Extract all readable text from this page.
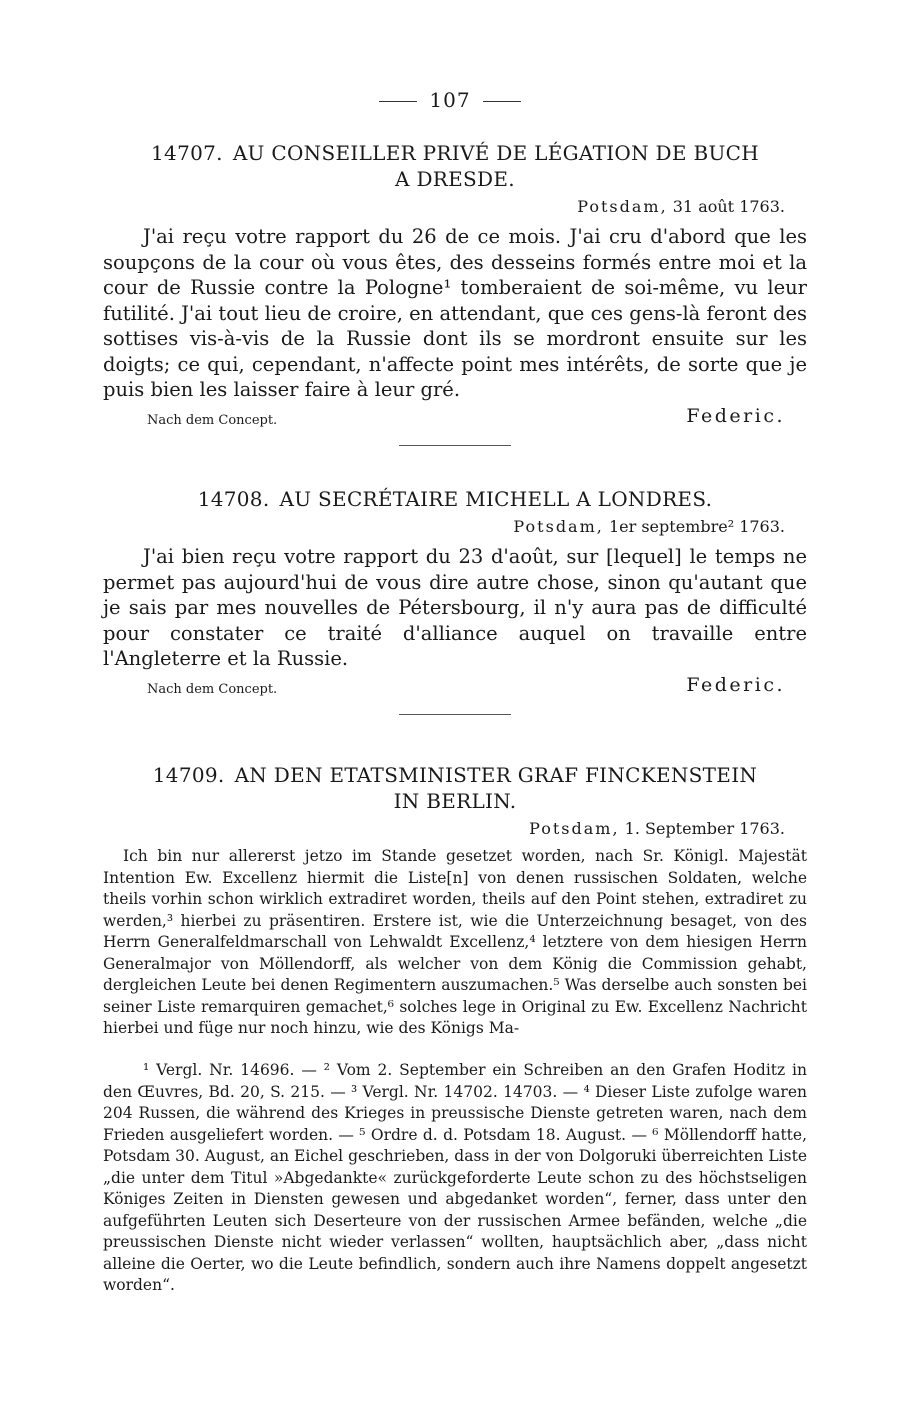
107

14707. AU CONSEILLER PRIVÉ DE LÉGATION DE BUCH
A DRESDE.

Potsdam, 31 août 1763.

J'ai reçu votre rapport du 26 de ce mois. J'ai cru d'abord que les soupçons de la cour où vous êtes, des desseins formés entre moi et la cour de Russie contre la Pologne¹ tomberaient de soi-même, vu leur futilité. J'ai tout lieu de croire, en attendant, que ces gens-là feront des sottises vis-à-vis de la Russie dont ils se mordront ensuite sur les doigts; ce qui, cependant, n'affecte point mes intérêts, de sorte que je puis bien les laisser faire à leur gré.

Nach dem Concept.	Federic.

14708. AU SECRÉTAIRE MICHELL A LONDRES.

Potsdam, 1er septembre² 1763.

J'ai bien reçu votre rapport du 23 d'août, sur [lequel] le temps ne permet pas aujourd'hui de vous dire autre chose, sinon qu'autant que je sais par mes nouvelles de Pétersbourg, il n'y aura pas de difficulté pour constater ce traité d'alliance auquel on travaille entre l'Angleterre et la Russie.

Nach dem Concept.	Federic.

14709. AN DEN ETATSMINISTER GRAF FINCKENSTEIN
IN BERLIN.

Potsdam, 1. September 1763.

Ich bin nur allererst jetzo im Stande gesetzet worden, nach Sr. Königl. Majestät Intention Ew. Excellenz hiermit die Liste[n] von denen russischen Soldaten, welche theils vorhin schon wirklich extradiret worden, theils auf den Point stehen, extradiret zu werden,³ hierbei zu präsentiren. Erstere ist, wie die Unterzeichnung besaget, von des Herrn Generalfeldmarschall von Lehwaldt Excellenz,⁴ letztere von dem hiesigen Herrn Generalmajor von Möllendorff, als welcher von dem König die Commission gehabt, dergleichen Leute bei denen Regimentern auszumachen.⁵ Was derselbe auch sonsten bei seiner Liste remarquiren gemachet,⁶ solches lege in Original zu Ew. Excellenz Nachricht hierbei und füge nur noch hinzu, wie des Königs Ma-

¹ Vergl. Nr. 14696. — ² Vom 2. September ein Schreiben an den Grafen Hoditz in den Œuvres, Bd. 20, S. 215. — ³ Vergl. Nr. 14702. 14703. — ⁴ Dieser Liste zufolge waren 204 Russen, die während des Krieges in preussische Dienste getreten waren, nach dem Frieden ausgeliefert worden. — ⁵ Ordre d. d. Potsdam 18. August. — ⁶ Möllendorff hatte, Potsdam 30. August, an Eichel geschrieben, dass in der von Dolgoruki überreichten Liste „die unter dem Titul »Abgedankte« zurückgeforderte Leute schon zu des höchstseligen Königes Zeiten in Diensten gewesen und abgedanket worden“, ferner, dass unter den aufgeführten Leuten sich Deserteure von der russischen Armee befänden, welche „die preussischen Dienste nicht wieder verlassen“ wollten, hauptsächlich aber, „dass nicht alleine die Oerter, wo die Leute befindlich, sondern auch ihre Namens doppelt angesetzt worden“.
